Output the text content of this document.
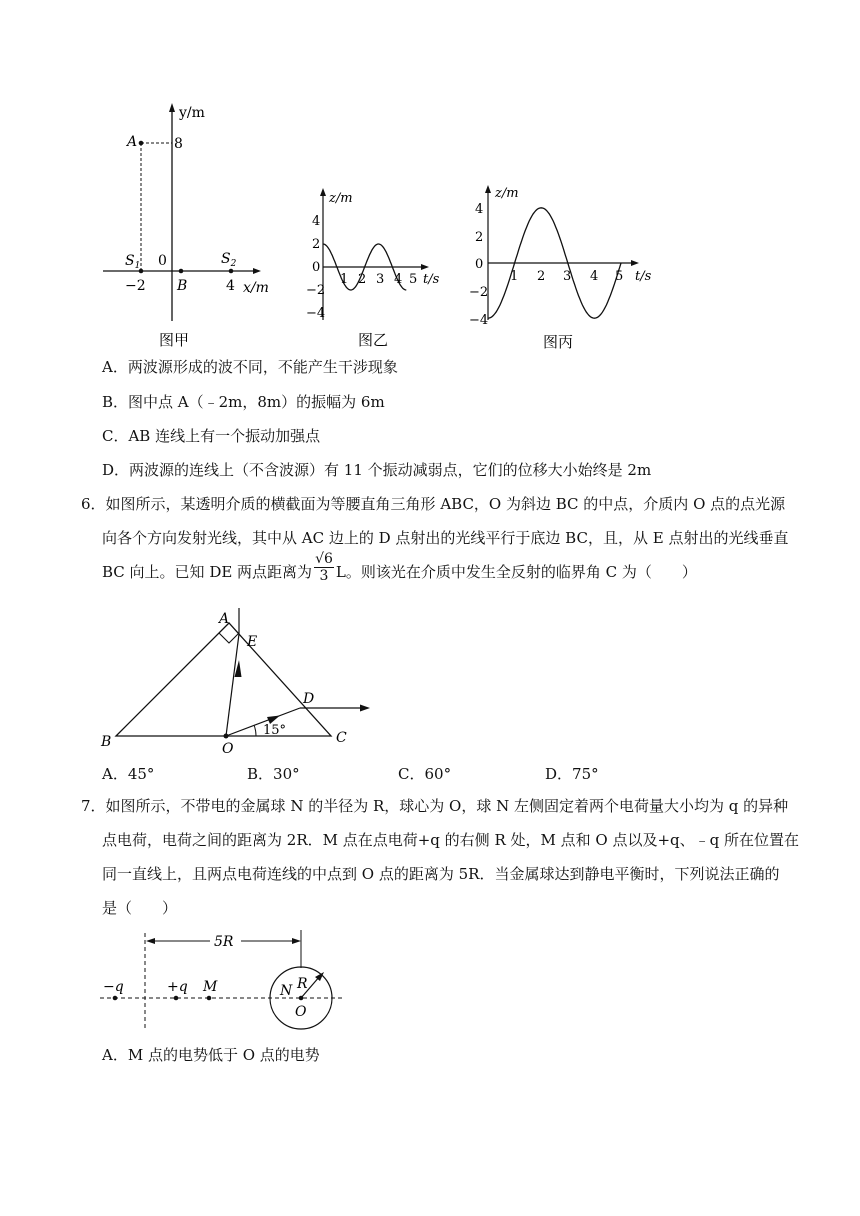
y/m
A	8
$S_1$	$S_2$
0
−2 B	4 x/m
图甲
z/m
4
2
0
−2
−4
1 2 3 4 5 t/s
图乙
z/m
4
2
0
−2
−4
1 2 3 4 5 t/s
图丙
A．两波源形成的波不同，不能产生干涉现象
B．图中点 A（﹣2m，8m）的振幅为 6m
C．AB 连线上有一个振动加强点
D．两波源的连线上（不含波源）有 11 个振动减弱点，它们的位移大小始终是 2m
6．如图所示，某透明介质的横截面为等腰直角三角形 ABC，O 为斜边 BC 的中点，介质内 O 点的点光源
向各个方向发射光线，其中从 AC 边上的 D 点射出的光线平行于底边 BC，且，从 E 点射出的光线垂直
BC 向上。已知 DE 两点距离为 $\frac{√6}{3}$ L。则该光在介质中发生全反射的临界角 C 为（　　）
A
E
D
B	O
C
15°
A．45°	B．30°	C．60°	D．75°
7．如图所示，不带电的金属球 N 的半径为 R，球心为 O，球 N 左侧固定着两个电荷量大小均为 q 的异种
点电荷，电荷之间的距离为 2R．M 点在点电荷+q 的右侧 R 处，M 点和 O 点以及+q、﹣q 所在位置在
同一直线上，且两点电荷连线的中点到 O 点的距离为 5R．当金属球达到静电平衡时，下列说法正确的
是（　　）
5R
−q	+q M	N R
O
A．M 点的电势低于 O 点的电势
